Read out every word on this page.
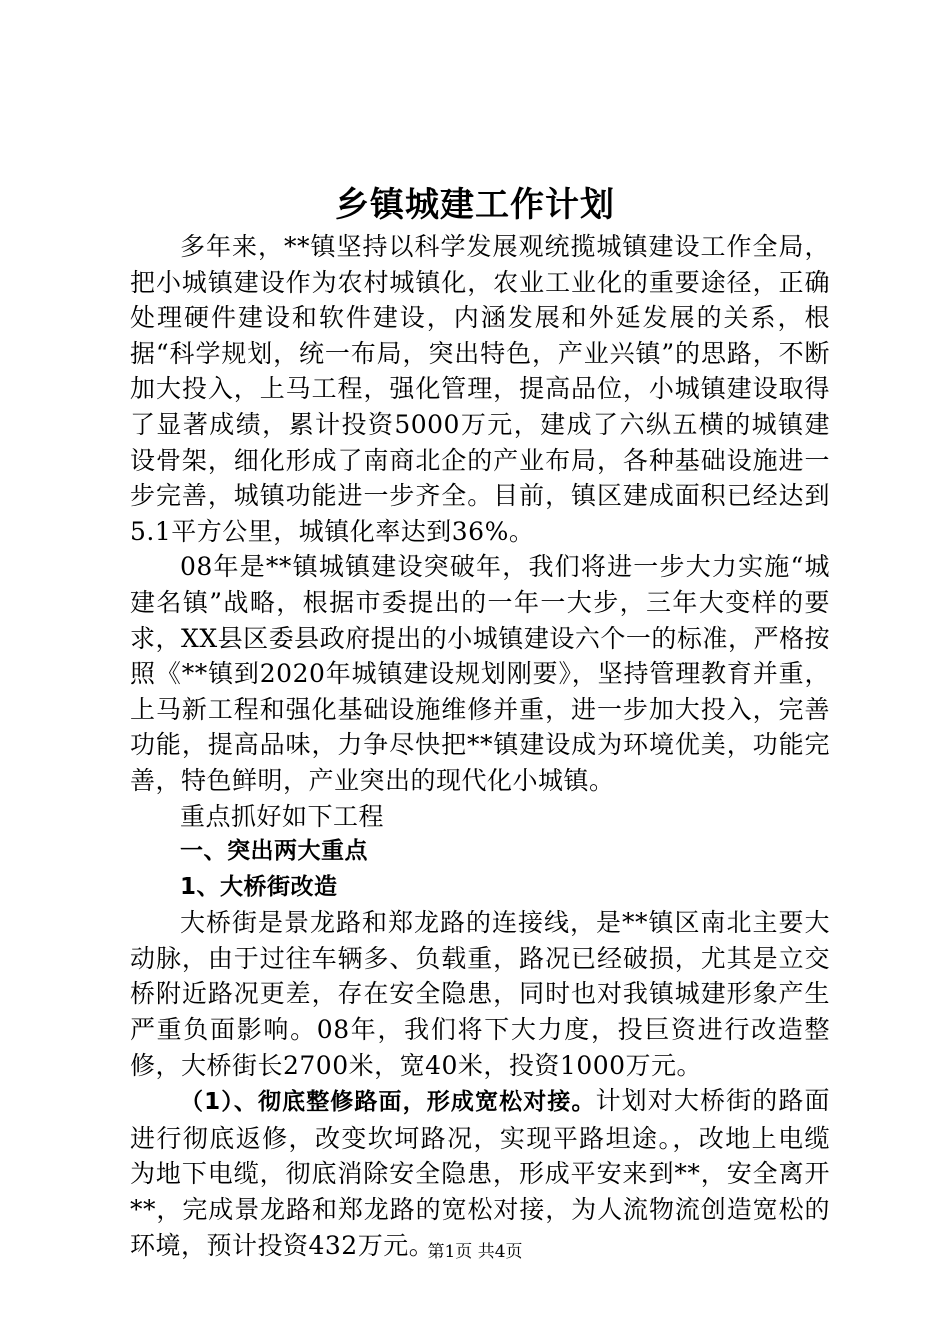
乡镇城建工作计划

多年来，**镇坚持以科学发展观统揽城镇建设工作全局，把小城镇建设作为农村城镇化，农业工业化的重要途径，正确处理硬件建设和软件建设，内涵发展和外延发展的关系，根据“科学规划，统一布局，突出特色，产业兴镇”的思路，不断加大投入，上马工程，强化管理，提高品位，小城镇建设取得了显著成绩，累计投资5000万元，建成了六纵五横的城镇建设骨架，细化形成了南商北企的产业布局，各种基础设施进一步完善，城镇功能进一步齐全。目前，镇区建成面积已经达到5.1平方公里，城镇化率达到36%。

08年是**镇城镇建设突破年，我们将进一步大力实施“城建名镇”战略，根据市委提出的一年一大步，三年大变样的要求，XX县区委县政府提出的小城镇建设六个一的标准，严格按照《**镇到2020年城镇建设规划刚要》，坚持管理教育并重，上马新工程和强化基础设施维修并重，进一步加大投入，完善功能，提高品味，力争尽快把**镇建设成为环境优美，功能完善，特色鲜明，产业突出的现代化小城镇。

重点抓好如下工程

一、突出两大重点

1、大桥街改造

大桥街是景龙路和郑龙路的连接线，是**镇区南北主要大动脉，由于过往车辆多、负载重，路况已经破损，尤其是立交桥附近路况更差，存在安全隐患，同时也对我镇城建形象产生严重负面影响。08年，我们将下大力度，投巨资进行改造整修，大桥街长2700米，宽40米，投资1000万元。

（1）、彻底整修路面，形成宽松对接。计划对大桥街的路面进行彻底返修，改变坎坷路况，实现平路坦途。，改地上电缆为地下电缆，彻底消除安全隐患，形成平安来到**，安全离开**，完成景龙路和郑龙路的宽松对接，为人流物流创造宽松的环境，预计投资432万元。

第1页 共4页
